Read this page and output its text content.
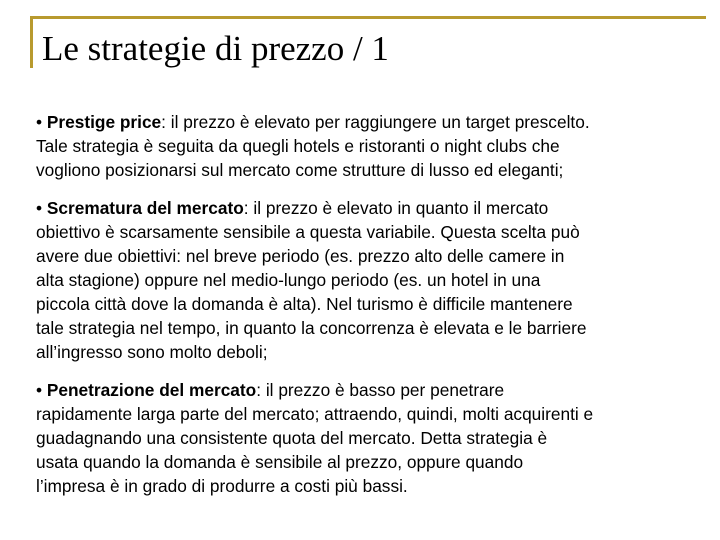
Le strategie di prezzo / 1

• Prestige price: il prezzo è elevato per raggiungere un target prescelto.
Tale strategia è seguita da quegli hotels e ristoranti o night clubs che
vogliono posizionarsi sul mercato come strutture di lusso ed eleganti;

• Scrematura del mercato: il prezzo è elevato in quanto il mercato
obiettivo è scarsamente sensibile a questa variabile. Questa scelta può
avere due obiettivi: nel breve periodo (es. prezzo alto delle camere in
alta stagione) oppure nel medio-lungo periodo (es. un hotel in una
piccola città dove la domanda è alta). Nel turismo è difficile mantenere
tale strategia nel tempo, in quanto la concorrenza è elevata e le barriere
all’ingresso sono molto deboli;

• Penetrazione del mercato: il prezzo è basso per penetrare
rapidamente larga parte del mercato; attraendo, quindi, molti acquirenti e
guadagnando una consistente quota del mercato. Detta strategia è
usata quando la domanda è sensibile al prezzo, oppure quando
l’impresa è in grado di produrre a costi più bassi.
